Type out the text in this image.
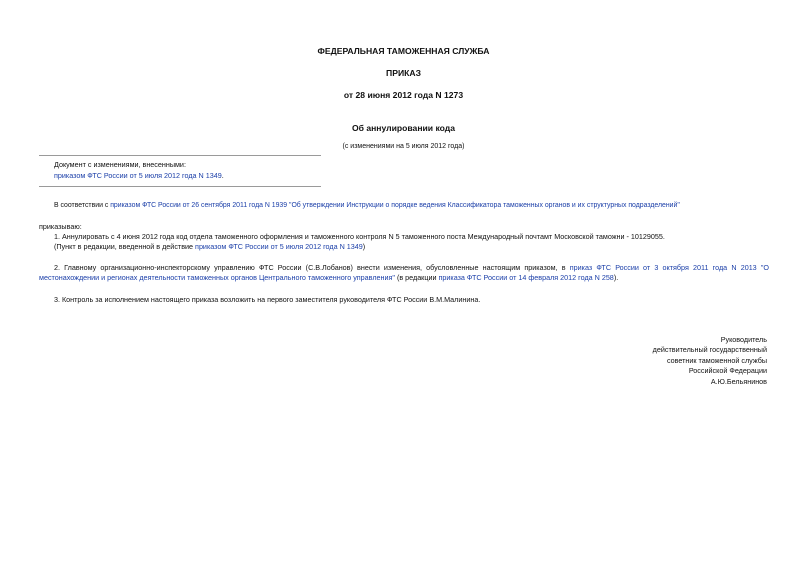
ФЕДЕРАЛЬНАЯ ТАМОЖЕННАЯ СЛУЖБА
ПРИКАЗ
от 28 июня 2012 года N 1273
Об аннулировании кода
(с изменениями на 5 июля 2012 года)
Документ с изменениями, внесенными:
приказом ФТС России от 5 июля 2012 года N 1349.
В соответствии с приказом ФТС России от 26 сентября 2011 года N 1939 "Об утверждении Инструкции о порядке ведения Классификатора таможенных органов и их структурных подразделений"
приказываю:
1. Аннулировать с 4 июня 2012 года код отдела таможенного оформления и таможенного контроля N 5 таможенного поста Международный почтамт Московской таможни - 10129055.
(Пункт в редакции, введенной в действие приказом ФТС России от 5 июля 2012 года N 1349)
2. Главному организационно-инспекторскому управлению ФТС России (С.В.Лобанов) внести изменения, обусловленные настоящим приказом, в приказ ФТС России от 3 октября 2011 года N 2013 "О местонахождении и регионах деятельности таможенных органов Центрального таможенного управления" (в редакции приказа ФТС России от 14 февраля 2012 года N 258).
3. Контроль за исполнением настоящего приказа возложить на первого заместителя руководителя ФТС России В.М.Малинина.
Руководитель
действительный государственный
советник таможенной службы
Российской Федерации
А.Ю.Бельянинов
